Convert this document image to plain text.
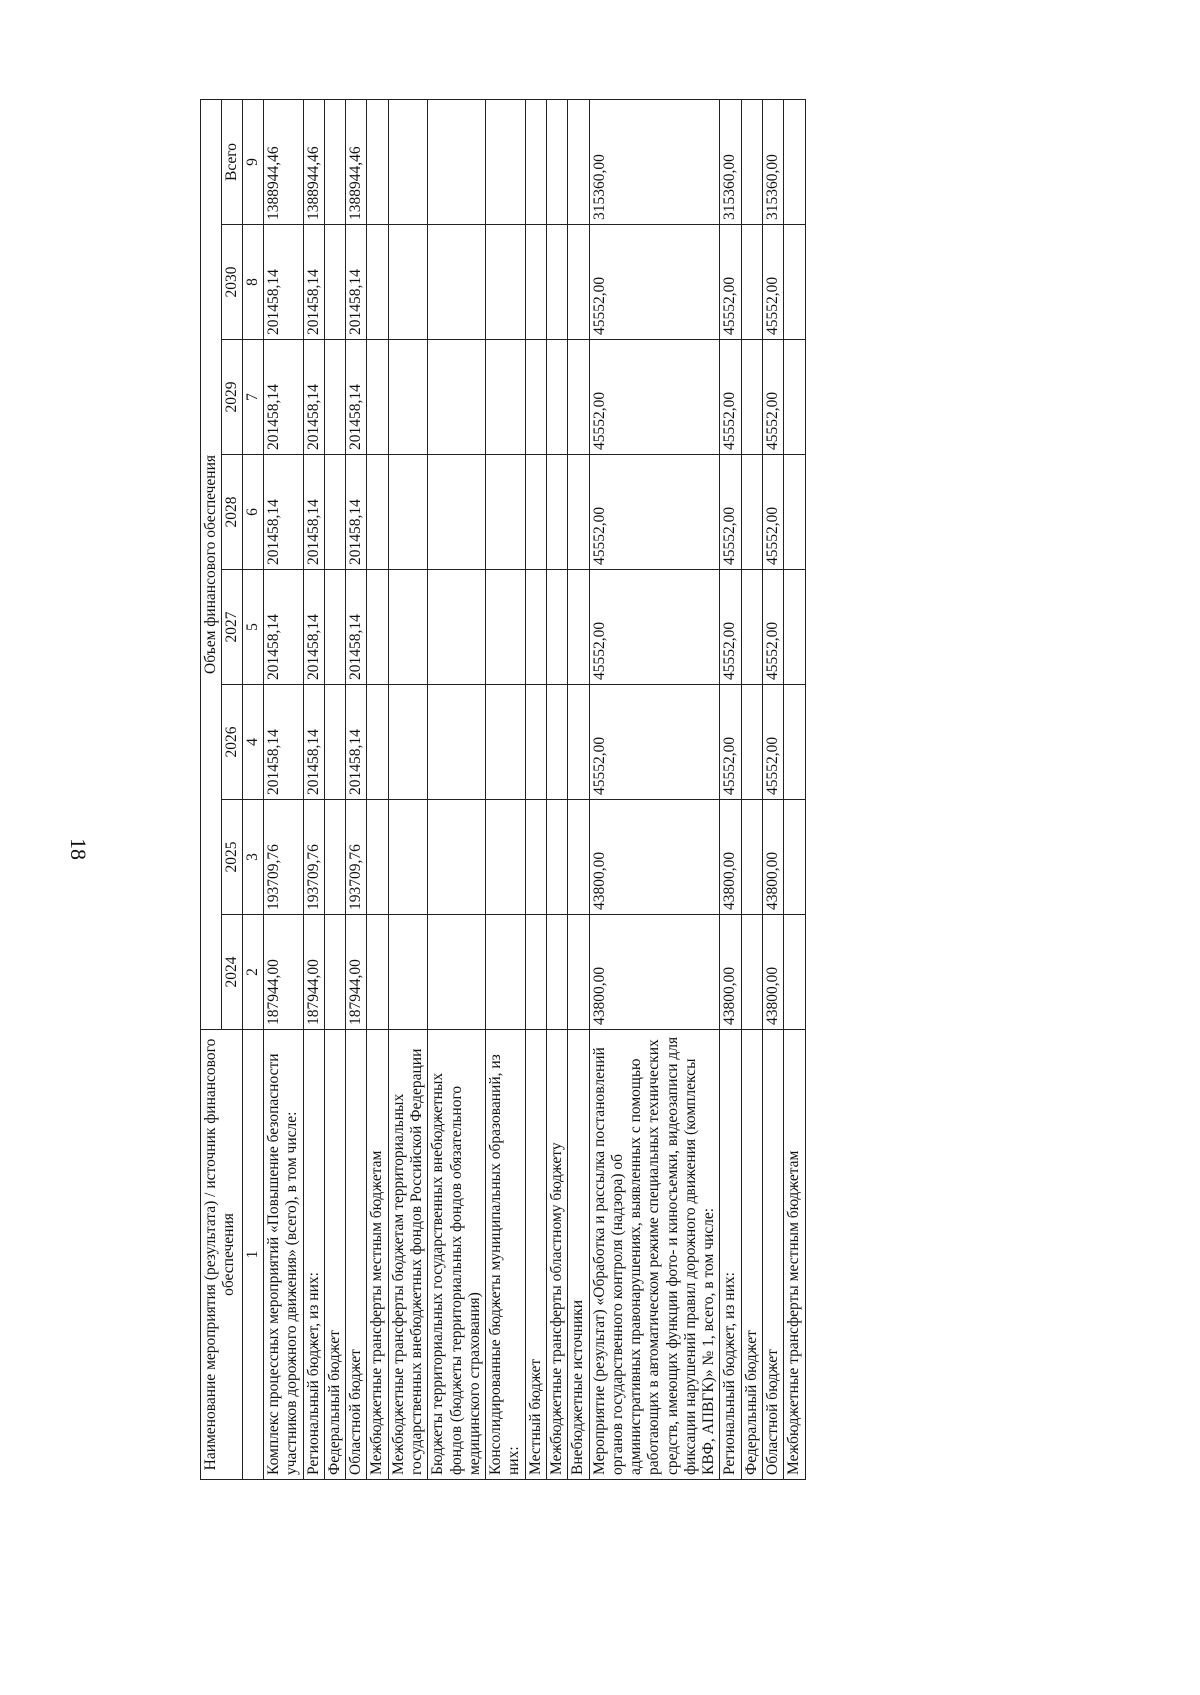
18
Наименование мероприятия (результата) / источник финансового обеспечения	Объем финансового обеспечения							
	2024	2025	2026	2027	2028	2029	2030	Всего
1	2	3	4	5	6	7	8	9
Комплекс процессных мероприятий «Повышение безопасности участников дорожного движения» (всего), в том числе:	187944,00	193709,76	201458,14	201458,14	201458,14	201458,14	201458,14	1388944,46
Региональный бюджет, из них:	187944,00	193709,76	201458,14	201458,14	201458,14	201458,14	201458,14	1388944,46
Федеральный бюджет								
Областной бюджет	187944,00	193709,76	201458,14	201458,14	201458,14	201458,14	201458,14	1388944,46
Межбюджетные трансферты местным бюджетам								
Межбюджетные трансферты бюджетам территориальных государственных внебюджетных фондов Российской Федерации								
Бюджеты территориальных государственных внебюджетных фондов (бюджеты территориальных фондов обязательного медицинского страхования)								
Консолидированные бюджеты муниципальных образований, из них:								
Местный бюджет								
Межбюджетные трансферты областному бюджету								
Внебюджетные источники								
Мероприятие (результат) «Обработка и рассылка постановлений органов государственного контроля (надзора) об административных правонарушениях, выявленных с помощью работающих в автоматическом режиме специальных технических средств, имеющих функции фото- и киносъемки, видеозаписи для фиксации нарушений правил дорожного движения (комплексы КВФ, АПВГК)» № 1, всего, в том числе:	43800,00	43800,00	45552,00	45552,00	45552,00	45552,00	45552,00	315360,00
Региональный бюджет, из них:	43800,00	43800,00	45552,00	45552,00	45552,00	45552,00	45552,00	315360,00
Федеральный бюджет								
Областной бюджет	43800,00	43800,00	45552,00	45552,00	45552,00	45552,00	45552,00	315360,00
Межбюджетные трансферты местным бюджетам								
